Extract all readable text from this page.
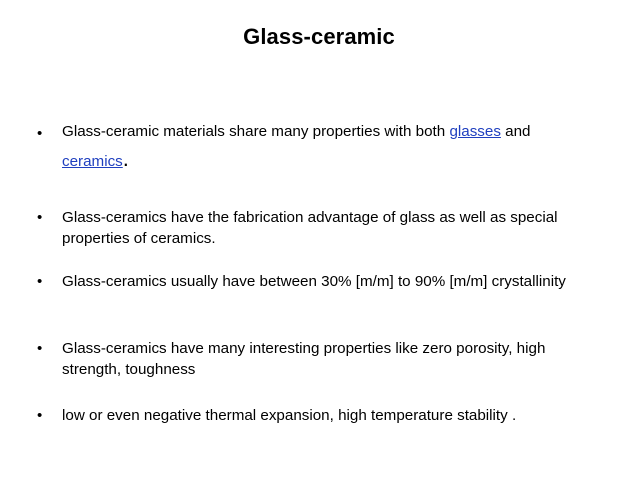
Glass-ceramic
• Glass-ceramic materials share many properties with both glasses and ceramics.
• Glass-ceramics have the fabrication advantage of glass as well as special properties of ceramics.
• Glass-ceramics usually have between 30% [m/m] to 90% [m/m] crystallinity
• Glass-ceramics have many interesting properties like zero porosity, high strength, toughness
• low or even negative thermal expansion, high temperature stability .
